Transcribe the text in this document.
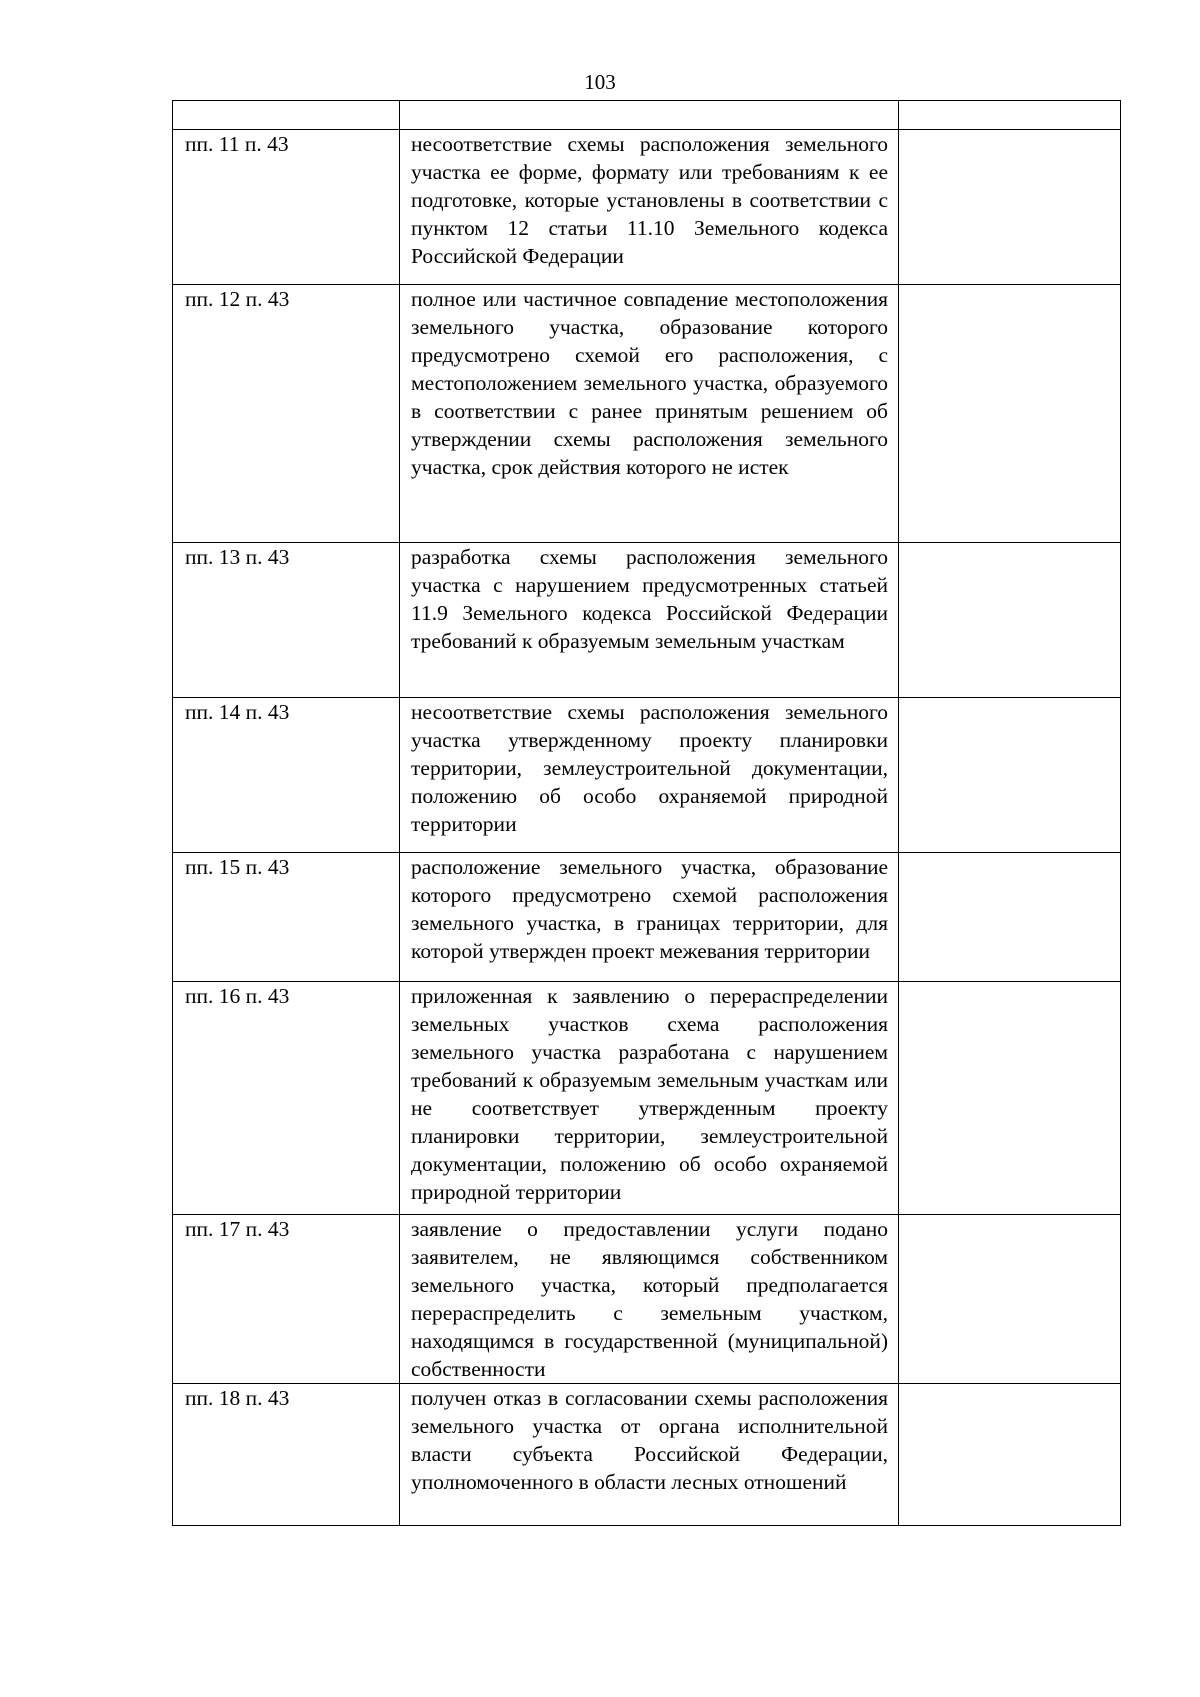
103

пп. 11 п. 43	несоответствие схемы расположения земельного участка ее форме, формату или требованиям к ее подготовке, которые установлены в соответствии с пунктом 12 статьи 11.10 Земельного кодекса Российской Федерации	
пп. 12 п. 43	полное или частичное совпадение местоположения земельного участка, образование которого предусмотрено схемой его расположения, с местоположением земельного участка, образуемого в соответствии с ранее принятым решением об утверждении схемы расположения земельного участка, срок действия которого не истек	
пп. 13 п. 43	разработка схемы расположения земельного участка с нарушением предусмотренных статьей 11.9 Земельного кодекса Российской Федерации требований к образуемым земельным участкам	
пп. 14 п. 43	несоответствие схемы расположения земельного участка утвержденному проекту планировки территории, землеустроительной документации, положению об особо охраняемой природной территории	
пп. 15 п. 43	расположение земельного участка, образование которого предусмотрено схемой расположения земельного участка, в границах территории, для которой утвержден проект межевания территории	
пп. 16 п. 43	приложенная к заявлению о перераспределении земельных участков схема расположения земельного участка разработана с нарушением требований к образуемым земельным участкам или не соответствует утвержденным проекту планировки территории, землеустроительной документации, положению об особо охраняемой природной территории	
пп. 17 п. 43	заявление о предоставлении услуги подано заявителем, не являющимся собственником земельного участка, который предполагается перераспределить с земельным участком, находящимся в государственной (муниципальной) собственности	
пп. 18 п. 43	получен отказ в согласовании схемы расположения земельного участка от органа исполнительной власти субъекта Российской Федерации, уполномоченного в области лесных отношений	
